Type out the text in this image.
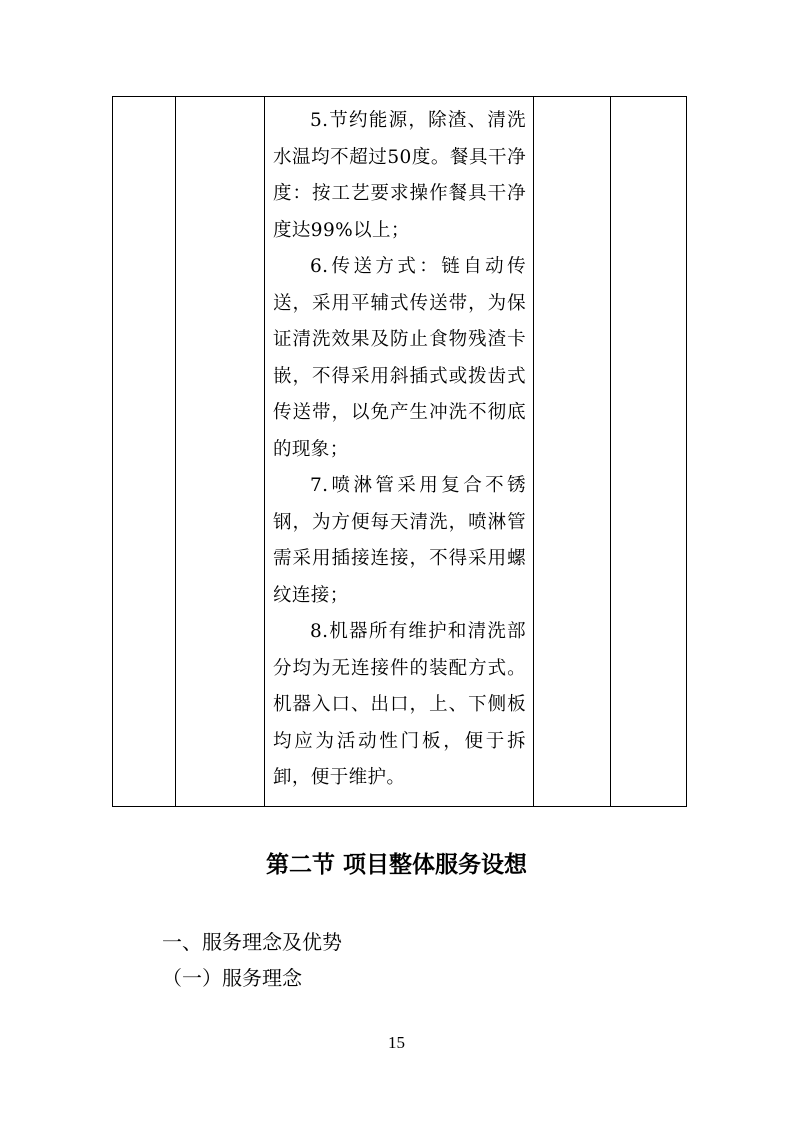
5.节约能源，除渣、清洗水温均不超过50度。餐具干净度：按工艺要求操作餐具干净度达99%以上；

6.传送方式：链自动传送，采用平辅式传送带，为保证清洗效果及防止食物残渣卡嵌，不得采用斜插式或拨齿式传送带，以免产生冲洗不彻底的现象；

7.喷淋管采用复合不锈钢，为方便每天清洗，喷淋管需采用插接连接，不得采用螺纹连接；

8.机器所有维护和清洗部分均为无连接件的装配方式。机器入口、出口，上、下侧板均应为活动性门板，便于拆卸，便于维护。

第二节 项目整体服务设想

一、服务理念及优势

（一）服务理念

15
